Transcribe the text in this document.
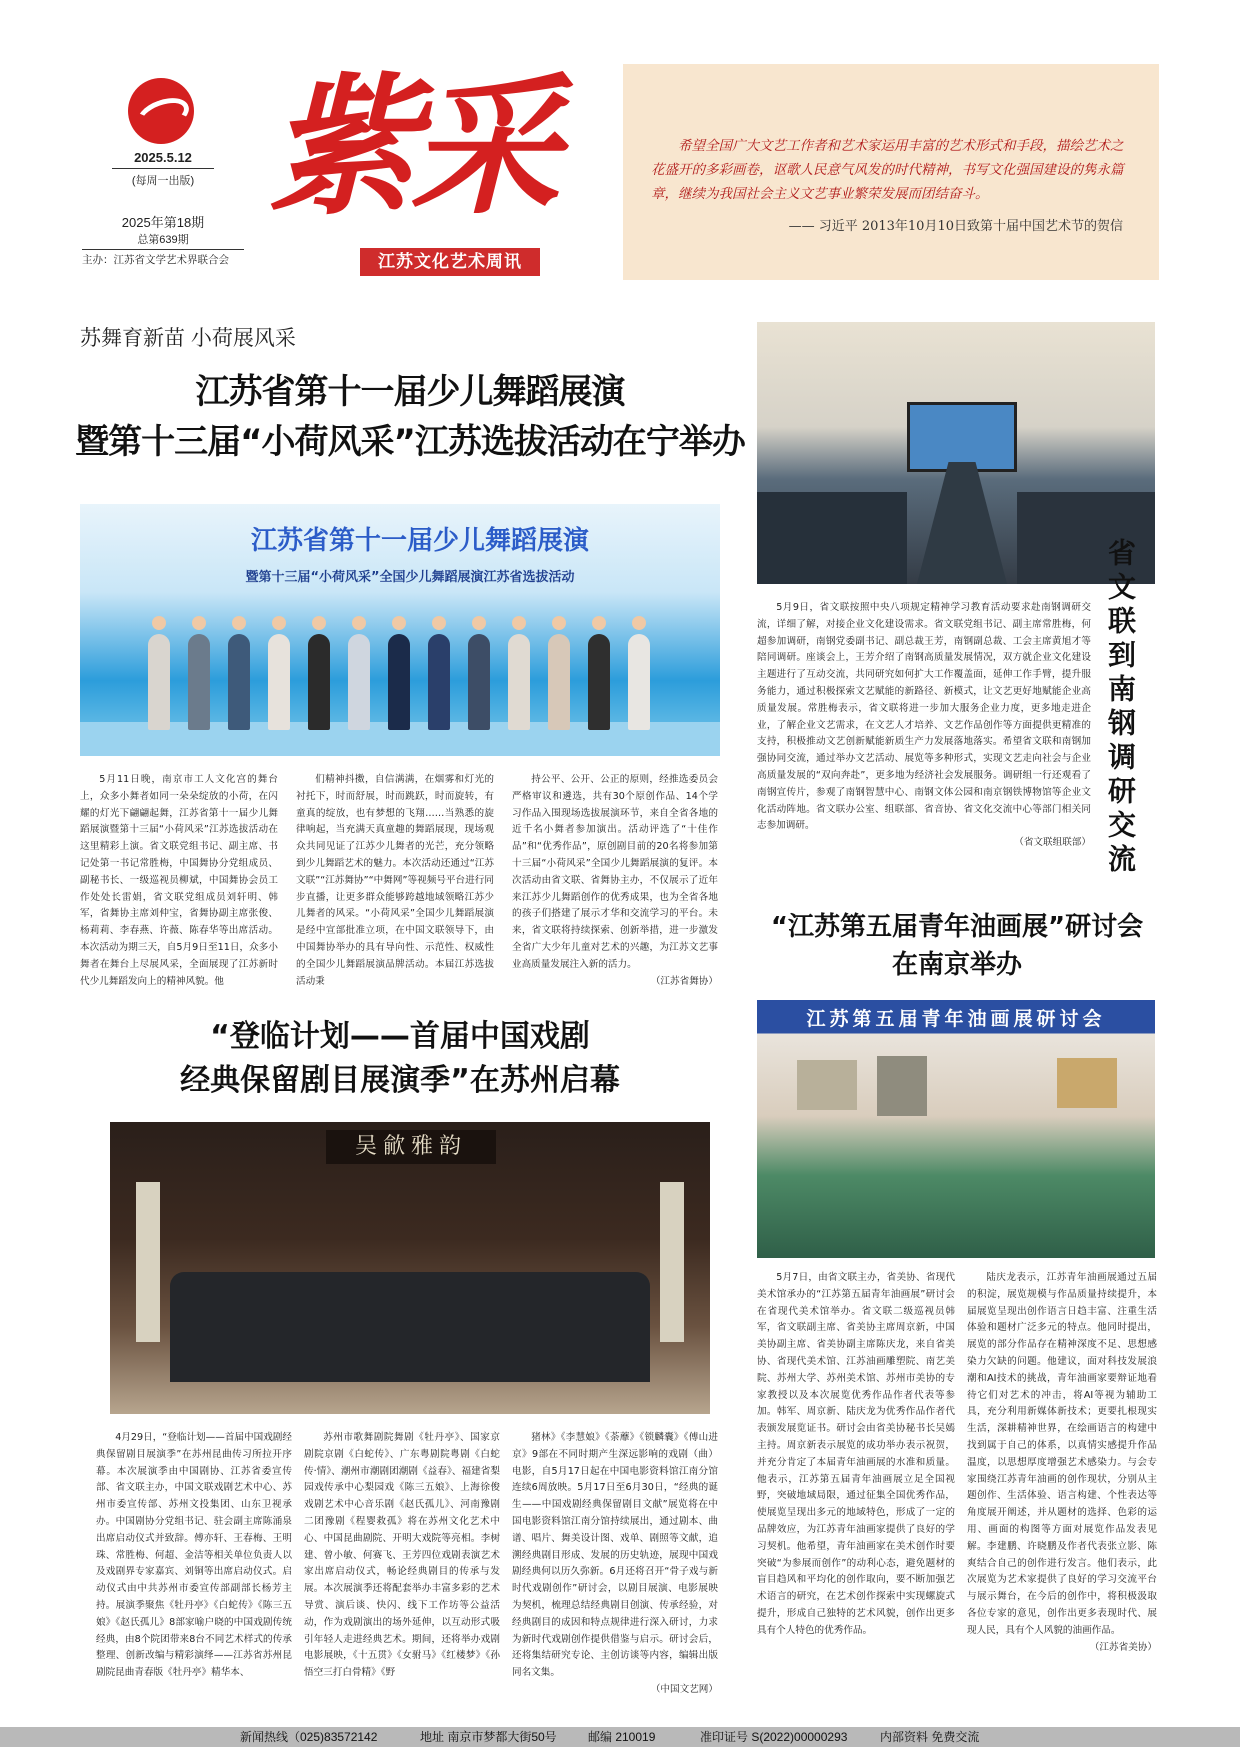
2025.5.12
(每周一出版)
2025年第18期
总第639期
主办：江苏省文学艺术界联合会
紫采
江苏文化艺术周讯
希望全国广大文艺工作者和艺术家运用丰富的艺术形式和手段，描绘艺术之花盛开的多彩画卷，讴歌人民意气风发的时代精神，书写文化强国建设的隽永篇章，继续为我国社会主义文艺事业繁荣发展而团结奋斗。
—— 习近平 2013年10月10日致第十届中国艺术节的贺信
苏舞育新苗 小荷展风采
江苏省第十一届少儿舞蹈展演
暨第十三届“小荷风采”江苏选拔活动在宁举办
江苏省第十一届少儿舞蹈展演
暨第十三届“小荷风采”全国少儿舞蹈展演江苏省选拔活动

5月11日晚，南京市工人文化宫的舞台上，众多小舞者如同一朵朵绽放的小荷，在闪耀的灯光下翩翩起舞，江苏省第十一届少儿舞蹈展演暨第十三届“小荷风采”江苏选拔活动在这里精彩上演。省文联党组书记、副主席、书记处第一书记常胜梅，中国舞协分党组成员、副秘书长、一级巡视员柳斌，中国舞协会员工作处处长雷娟，省文联党组成员刘轩明、韩军，省舞协主席刘仲宝，省舞协副主席张俊、杨莉莉、李春燕、许薇、陈春华等出席活动。本次活动为期三天，自5月9日至11日，众多小舞者在舞台上尽展风采，全面展现了江苏新时代少儿舞蹈发向上的精神风貌。他

们精神抖擞，自信满满，在烟雾和灯光的衬托下，时而舒展，时而跳跃，时而旋转，有童真的绽放，也有梦想的飞翔……当熟悉的旋律响起，当充满天真童趣的舞蹈展现，现场观众共同见证了江苏少儿舞者的光芒，充分领略到少儿舞蹈艺术的魅力。本次活动还通过“江苏文联”“江苏舞协”“中舞网”等视频号平台进行同步直播，让更多群众能够跨越地域领略江苏少儿舞者的风采。“小荷风采”全国少儿舞蹈展演是经中宣部批准立项，在中国文联领导下，由中国舞协举办的具有导向性、示范性、权威性的全国少儿舞蹈展演品牌活动。本届江苏选拔活动秉

持公平、公开、公正的原则，经推选委员会严格审议和遴选，共有30个原创作品、14个学习作品入围现场选拔展演环节，来自全省各地的近千名小舞者参加演出。活动评选了“十佳作品”和“优秀作品”，原创剧目前的20名将参加第十三届“小荷风采”全国少儿舞蹈展演的复评。本次活动由省文联、省舞协主办，不仅展示了近年来江苏少儿舞蹈创作的优秀成果，也为全省各地的孩子们搭建了展示才华和交流学习的平台。未来，省文联将持续探索、创新举措，进一步激发全省广大少年儿童对艺术的兴趣，为江苏文艺事业高质量发展注入新的活力。

（江苏省舞协）
省文联到南钢调研交流

5月9日，省文联按照中央八项规定精神学习教育活动要求赴南钢调研交流，详细了解，对接企业文化建设需求。省文联党组书记、副主席常胜梅，何超参加调研，南钢党委副书记、副总裁王芳，南钢副总裁、工会主席黄旭才等陪同调研。座谈会上，王芳介绍了南钢高质量发展情况，双方就企业文化建设主题进行了互动交流，共同研究如何扩大工作覆盖面，延伸工作手臂，提升服务能力，通过积极探索文艺赋能的新路径、新模式，让文艺更好地赋能企业高质量发展。常胜梅表示，省文联将进一步加大服务企业力度，更多地走进企业，了解企业文艺需求，在文艺人才培养、文艺作品创作等方面提供更精准的支持，积极推动文艺创新赋能新质生产力发展落地落实。希望省文联和南钢加强协同交流，通过举办文艺活动、展览等多种形式，实现文艺走向社会与企业高质量发展的“双向奔赴”，更多地为经济社会发展服务。调研组一行还观看了南钢宣传片，参观了南钢智慧中心、南钢文体公园和南京钢铁博物馆等企业文化活动阵地。省文联办公室、组联部、省音协、省文化交流中心等部门相关同志参加调研。

（省文联组联部）
“江苏第五届青年油画展”研讨会
在南京举办
江苏第五届青年油画展研讨会

5月7日，由省文联主办，省美协、省现代美术馆承办的“江苏第五届青年油画展”研讨会在省现代美术馆举办。省文联二级巡视员韩军，省文联副主席、省美协主席周京新，中国美协副主席、省美协副主席陈庆龙，来自省美协、省现代美术馆、江苏油画雕塑院、南艺美院、苏州大学、苏州美术馆、苏州市美协的专家教授以及本次展览优秀作品作者代表等参加。韩军、周京新、陆庆龙为优秀作品作者代表颁发展览证书。研讨会由省美协秘书长吴嫣主持。周京新表示展览的成功举办表示祝贺，并充分肯定了本届青年油画展的水准和质量。他表示，江苏第五届青年油画展立足全国视野，突破地域局限，通过征集全国优秀作品，使展览呈现出多元的地域特色，形成了一定的品牌效应，为江苏青年油画家提供了良好的学习契机。他希望，青年油画家在美术创作时要突破“为参展而创作”的动利心态，避免题材的盲目趋风和平均化的创作取向，要不断加强艺术语言的研究，在艺术创作探索中实现螺旋式提升，形成自己独特的艺术风貌，创作出更多具有个人特色的优秀作品。

陆庆龙表示，江苏青年油画展通过五届的积淀，展览规模与作品质量持续提升，本届展览呈现出创作语言日趋丰富、注重生活体验和题材广泛多元的特点。他同时提出，展览的部分作品存在精神深度不足、思想感染力欠缺的问题。他建议，面对科技发展浪潮和AI技术的挑战，青年油画家要辩证地看待它们对艺术的冲击，将AI等视为辅助工具，充分利用新媒体新技术；更要扎根现实生活，深耕精神世界，在绘画语言的构建中找到属于自己的体系，以真情实感提升作品温度，以思想厚度增强艺术感染力。与会专家围绕江苏青年油画的创作现状，分别从主题创作、生活体验、语言构建、个性表达等角度展开阐述，并从题材的选择、色彩的运用、画面的构图等方面对展览作品发表见解。李建鹏、许晓鹏及作者代表张立影、陈爽结合自己的创作进行发言。他们表示，此次展览为艺术家提供了良好的学习交流平台与展示舞台，在今后的创作中，将积极汲取各位专家的意见，创作出更多表现时代、展现人民，具有个人风貌的油画作品。

（江苏省美协）
“登临计划——首届中国戏剧
经典保留剧目展演季”在苏州启幕
吴歈雅韵

4月29日，“登临计划——首届中国戏剧经典保留剧目展演季”在苏州昆曲传习所拉开序幕。本次展演季由中国剧协、江苏省委宣传部、省文联主办，中国文联戏剧艺术中心、苏州市委宣传部、苏州文投集团、山东卫视承办。中国剧协分党组书记、驻会副主席陈涌泉出席启动仪式并致辞。傅亦轩、王春梅、王明珠、常胜梅、何超、金洁等相关单位负责人以及戏剧界专家嘉宾、刘铜等出席启动仪式。启动仪式由中共苏州市委宣传部副部长杨芳主持。展演季聚焦《牡丹亭》《白蛇传》《陈三五娘》《赵氏孤儿》8部家喻户晓的中国戏剧传统经典，由8个院团带来8台不同艺术样式的传承整理、创新改编与精彩演绎——江苏省苏州昆剧院昆曲青春版《牡丹亭》精华本、

苏州市歌舞剧院舞剧《牡丹亭》、国家京剧院京剧《白蛇传》、广东粤剧院粤剧《白蛇传·情》、潮州市潮剧团潮剧《益春》、福建省梨园戏传承中心梨园戏《陈三五娘》、上海徐俊戏剧艺术中心音乐剧《赵氏孤儿》、河南豫剧二团豫剧《程婴救孤》将在苏州文化艺术中心、中国昆曲剧院、开明大戏院等亮相。李树建、曾小敏、何赛飞、王芳四位戏剧表演艺术家出席启动仪式，畅论经典剧目的传承与发展。本次展演季还将配套举办丰富多彩的艺术导赏、演后谈、快闪、线下工作坊等公益活动，作为戏剧演出的场外延伸，以互动形式吸引年轻人走进经典艺术。期间，还将举办戏剧电影展映，《十五贯》《女驸马》《红楼梦》《孙悟空三打白骨精》《野

猪林》《李慧娘》《荼蘼》《锁麟囊》《傅山进京》9部在不同时期产生深远影响的戏剧（曲）电影，自5月17日起在中国电影资料馆江南分馆连续6周放映。5月17日至6月30日，“经典的诞生——中国戏剧经典保留剧目文献”展览将在中国电影资料馆江南分馆持续展出，通过剧本、曲谱、唱片、舞美设计图、戏单、剧照等文献，追溯经典剧目形成、发展的历史轨迹，展现中国戏剧经典何以历久弥新。6月还将召开“骨子戏与新时代戏剧创作”研讨会，以剧目展演、电影展映为契机，梳理总结经典剧目创演、传承经验，对经典剧目的成因和特点规律进行深入研讨，力求为新时代戏剧创作提供借鉴与启示。研讨会后，还将集结研究专论、主创访谈等内容，编辑出版同名文集。

（中国文艺网）
新闻热线（025)83572142	地址 南京市梦都大街50号	邮编 210019	准印证号 S(2022)00000293	内部资料 免费交流
